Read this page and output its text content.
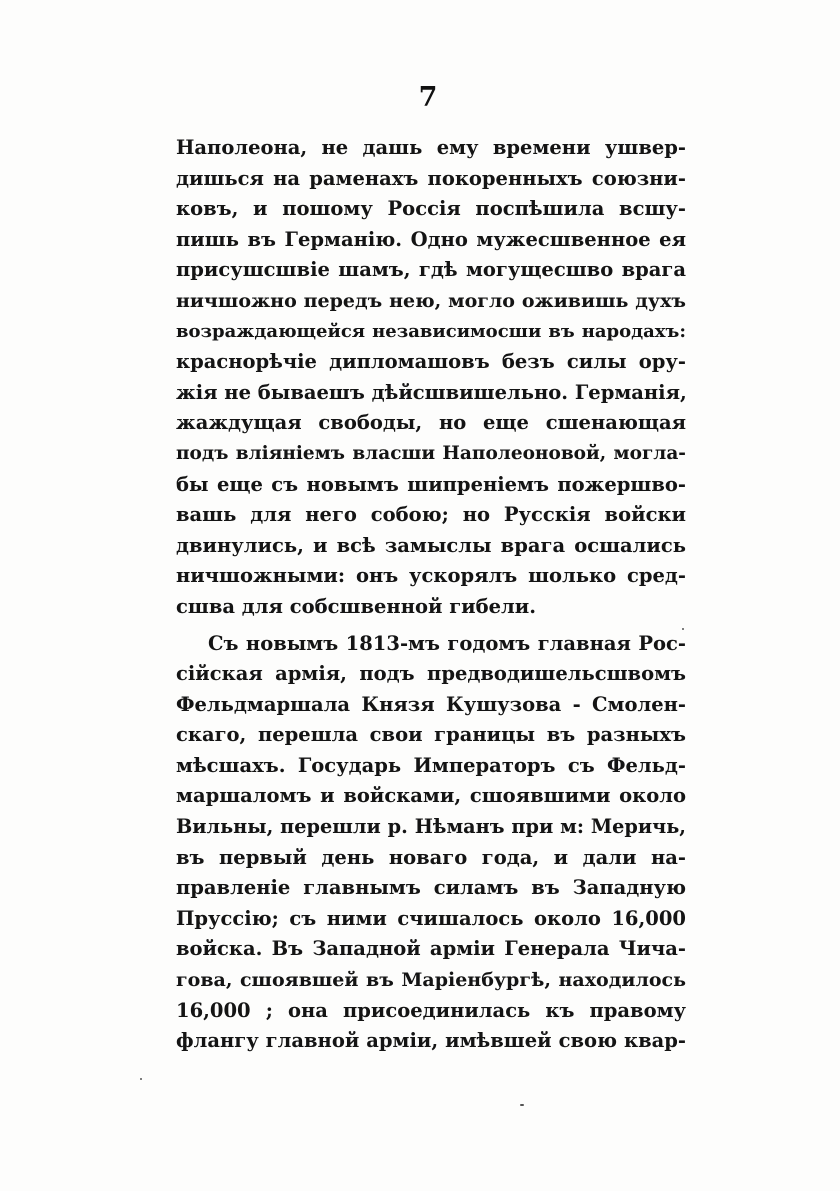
7
Наполеона, не дашь ему времени ушвер-
дишься на раменахъ покоренныхъ союзни-
ковъ, и пошому Россія поспѣшила всшу-
пишь въ Германію. Одно мужесшвенное ея
присушсшвіе шамъ, гдѣ могущесшво врага
ничшожно передъ нею, могло оживишь духъ
возраждающейся независимосши въ народахъ:
краснорѣчіе дипломашовъ безъ силы ору-
жія не бываешъ дѣйсшвишельно. Германія,
жаждущая свободы, но еще сшенающая
подъ вліяніемъ власши Наполеоновой, могла-
бы еще съ новымъ шипреніемъ пожершво-
вашь для него собою; но Русскія войски
двинулись, и всѣ замыслы врага осшались
ничшожными: онъ ускорялъ шолько сред-
сшва для собсшвенной гибели.
Съ новымъ 1813-мъ годомъ главная Рос-
сійская армія, подъ предводишельсшвомъ
Фельдмаршала Князя Кушузова - Смолен-
скаго, перешла свои границы въ разныхъ
мѣсшахъ. Государь Императоръ съ Фельд-
маршаломъ и войсками, сшоявшими около
Вильны, перешли р. Нѣманъ при м: Меричь,
въ первый день новаго года, и дали на-
правленіе главнымъ силамъ въ Западную
Пруссію; съ ними счишалось около 16,000
войска. Въ Западной арміи Генерала Чича-
гова, сшоявшей въ Маріенбургѣ, находилось
16,000 ; она присоединилась къ правому
флангу главной арміи, имѣвшей свою квар-
